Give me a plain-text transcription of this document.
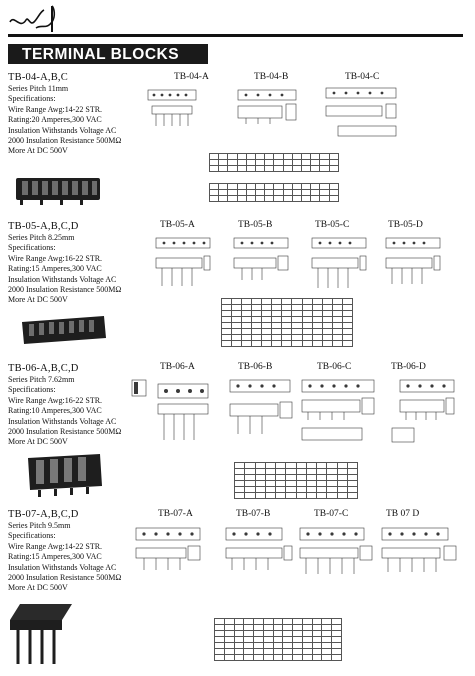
TERMINAL BLOCKS
TB-04-A,B,C
Series Pitch 11mm
Specifications:
Wire Range Awg:14-22 STR.
Rating:20 Amperes,300 VAC
Insulation Withstands Voltage AC
2000 Insulation Resistance 500MΩ
More At DC 500V
TB-04-A	TB-04-B	TB-04-C

TB-05-A,B,C,D
Series Pitch 8.25mm
Specifications:
Wire Range Awg:16-22 STR.
Rating:15 Amperes,300 VAC
Insulation Withstands Voltage AC
2000 Insulation Resistance 500MΩ
More At DC 500V
TB-05-A	TB-05-B	TB-05-C	TB-05-D

TB-06-A,B,C,D
Series Pitch 7.62mm
Specifications:
Wire Range Awg:16-22 STR.
Rating:10 Amperes,300 VAC
Insulation Withstands Voltage AC
2000 Insulation Resistance 500MΩ
More At DC 500V
TB-06-A	TB-06-B	TB-06-C	TB-06-D

TB-07-A,B,C,D
Series Pitch 9.5mm
Specifications:
Wire Range Awg:14-22 STR.
Rating:15 Amperes,300 VAC
Insulation Withstands Voltage AC
2000 Insulation Resistance 500MΩ
More At DC 500V
TB-07-A	TB-07-B	TB-07-C	TB 07 D
